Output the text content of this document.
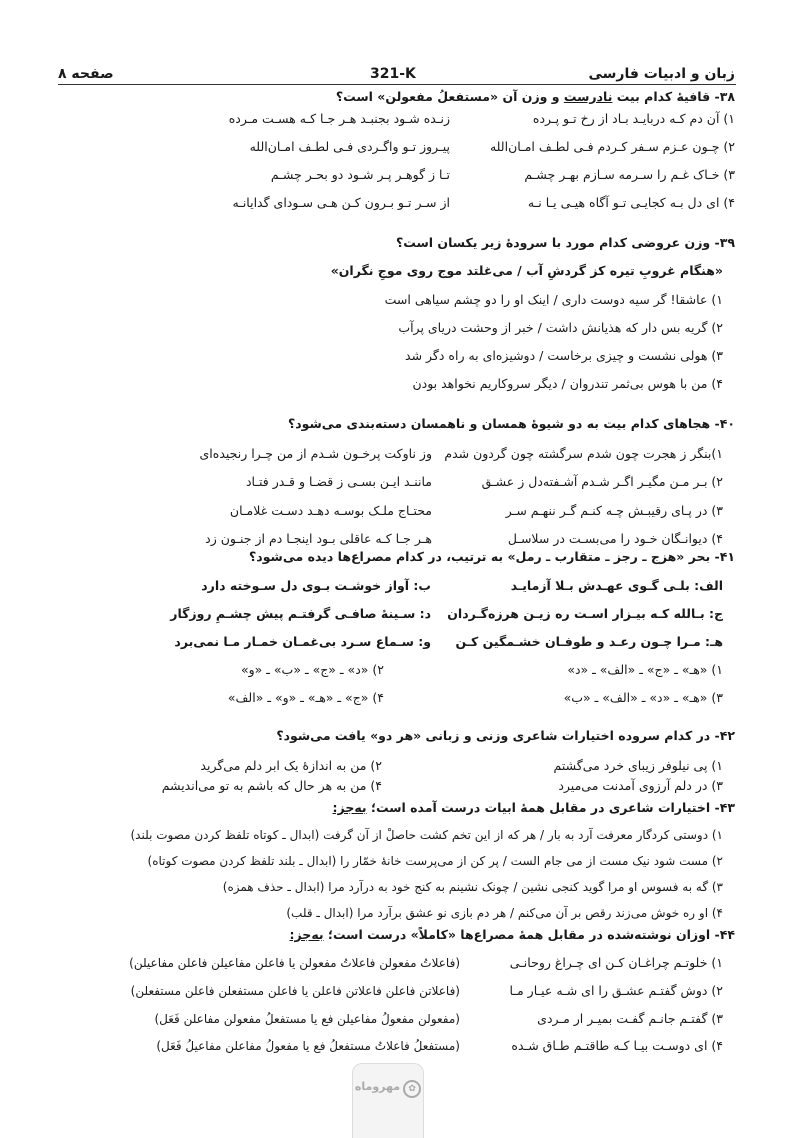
زبان و ادبیات فارسی
321-K
صفحه ۸
۳۸- قافیهٔ کدام بیت نادرست و وزن آن «مستفعلُ مفعولن» است؟
۱) آن دم کـه دربایـد بـاد از رخ تـو پـرده
زنـده شـود بجنبـد هـر جـا کـه هسـت مـرده
۲) چـون عـزم سـفر کـردم فـی لطـف امـان‌الله
پیـروز تـو واگـردی فـی لطـف امـان‌الله
۳) خـاک غـم را سـرمه سـازم بهـر چشـم
تـا ز گوهـر پـر شـود دو بحـر چشـم
۴) ای دل بـه کجایـی تـو آگاه هیـی یـا نـه
از سـر تـو بـرون کـن هـی سـودای گدایانـه
۳۹- وزن عروضی کدام مورد با سرودهٔ زیر یکسان است؟
«هنگام غروبِ تیره کز گردشِ آب / می‌غلتد موج روی موجِ نگران»
۱) عاشقا! گر سیه دوست داری / اینک او را دو چشم سیاهی است
۲) گریه بس دار که هذیانش داشت / خبر از وحشت دریای پرآب
۳) هولی نشست و چیزی برخاست / دوشیزه‌ای به راه دگر شد
۴) من با هوس بی‌ثمر تندروان / دیگر سروکاریم نخواهد بودن
۴۰- هجاهای کدام بیت به دو شیوهٔ همسان و ناهمسان دسته‌بندی می‌شود؟
۱)بنگر ز هجرت چون شدم سرگشته چون گردون شدم
وز ناوکت پرخـون شـدم از من چـرا رنجیده‌ای
۲) بـر مـن مگیـر اگـر شـدم آشـفته‌دل ز عشـق
ماننـد ایـن بسـی ز قضـا و قـدر فتـاد
۳) در پـای رقیبـش چـه کنـم گـر ننهـم سـر
محتـاج ملـک بوسـه دهـد دسـت غلامـان
۴) دیوانـگان خـود را می‌بسـت در سلاسـل
هـر جـا کـه عاقلی بـود اینجـا دم از جنـون زد
۴۱- بحر «هزج ـ رجز ـ متقارب ـ رمل» به ترتیب، در کدام مصراع‌ها دیده می‌شود؟
الف: بلـی گـوی عهـدش بـلا آزمایـد
ب: آواز خوشـت بـوی دل سـوخته دارد
ج: بـالله کـه بیـزار اسـت ره زیـن هرزه‌گـردان
د: سـینهٔ صافـی گرفتـم پیش چشـمِ روزگار
هـ: مـرا چـون رعـد و طوفـان خشـمگین کـن
و: سـماع سـرد بی‌غمـان خمـار مـا نمی‌برد
۱) «هـ» ـ «ج» ـ «الف» ـ «د»
۲) «د» ـ «ج» ـ «ب» ـ «و»
۳) «هـ» ـ «د» ـ «الف» ـ «ب»
۴) «ج» ـ «هـ» ـ «و» ـ «الف»
۴۲- در کدام سروده اختیارات شاعری وزنی و زبانی «هر دو» یافت می‌شود؟
۱) پی نیلوفر زیبای خرد می‌گشتم
۲) من به اندازهٔ یک ابر دلم می‌گرید
۳) در دلم آرزوی آمدنت می‌میرد
۴) من به هر حال که باشم به تو می‌اندیشم
۴۳- اختیارات شاعری در مقابل همهٔ ابیات درست آمده است؛ به‌جز:
۱) دوستی کردگار معرفت آرد به بار / هر که از این تخم کشت حاصلْ از آن گرفت (ابدال ـ کوتاه تلفظ کردن مصوت بلند)
۲) مست شود نیک مست از می جام الست / پر کن از می‌پرست خانهٔ خمّار را (ابدال ـ بلند تلفظ کردن مصوت کوتاه)
۳) گه به فسوس او مرا گوید کنجی نشین / چونک نشینم به کنج خود به درآرد مرا (ابدال ـ حذف همزه)
۴) او ره خوش می‌زند رقص بر آن می‌کنم / هر دم بازی نو عشق برآرد مرا (ابدال ـ قلب)
۴۴- اوزان نوشته‌شده در مقابل همهٔ مصراع‌ها «کاملاً» درست است؛ به‌جز:
۱) خلوتـم چراغـان کـن ای چـراغ روحانـی
(فاعلاتُ مفعولن فاعلاتُ مفعولن یا فاعلن مفاعیلن فاعلن مفاعیلن)
۲) دوش گفتـم عشـق را ای شـه عیـار مـا
(فاعلاتن فاعلن فاعلاتن فاعلن یا فاعلن مستفعلن فاعلن مستفعلن)
۳) گفتـم جانـم گفـت بمیـر ار مـردی
(مفعولن مفعولُ مفاعیلن فع یا مستفعلُ مفعولن مفاعلن فَعَل)
۴) ای دوسـت بیـا کـه طاقتـم طـاق شـده
(مستفعلُ فاعلاتُ مستفعلُ فع یا مفعولُ مفاعلن مفاعیلُ فَعَل)
✿
مهروماه
